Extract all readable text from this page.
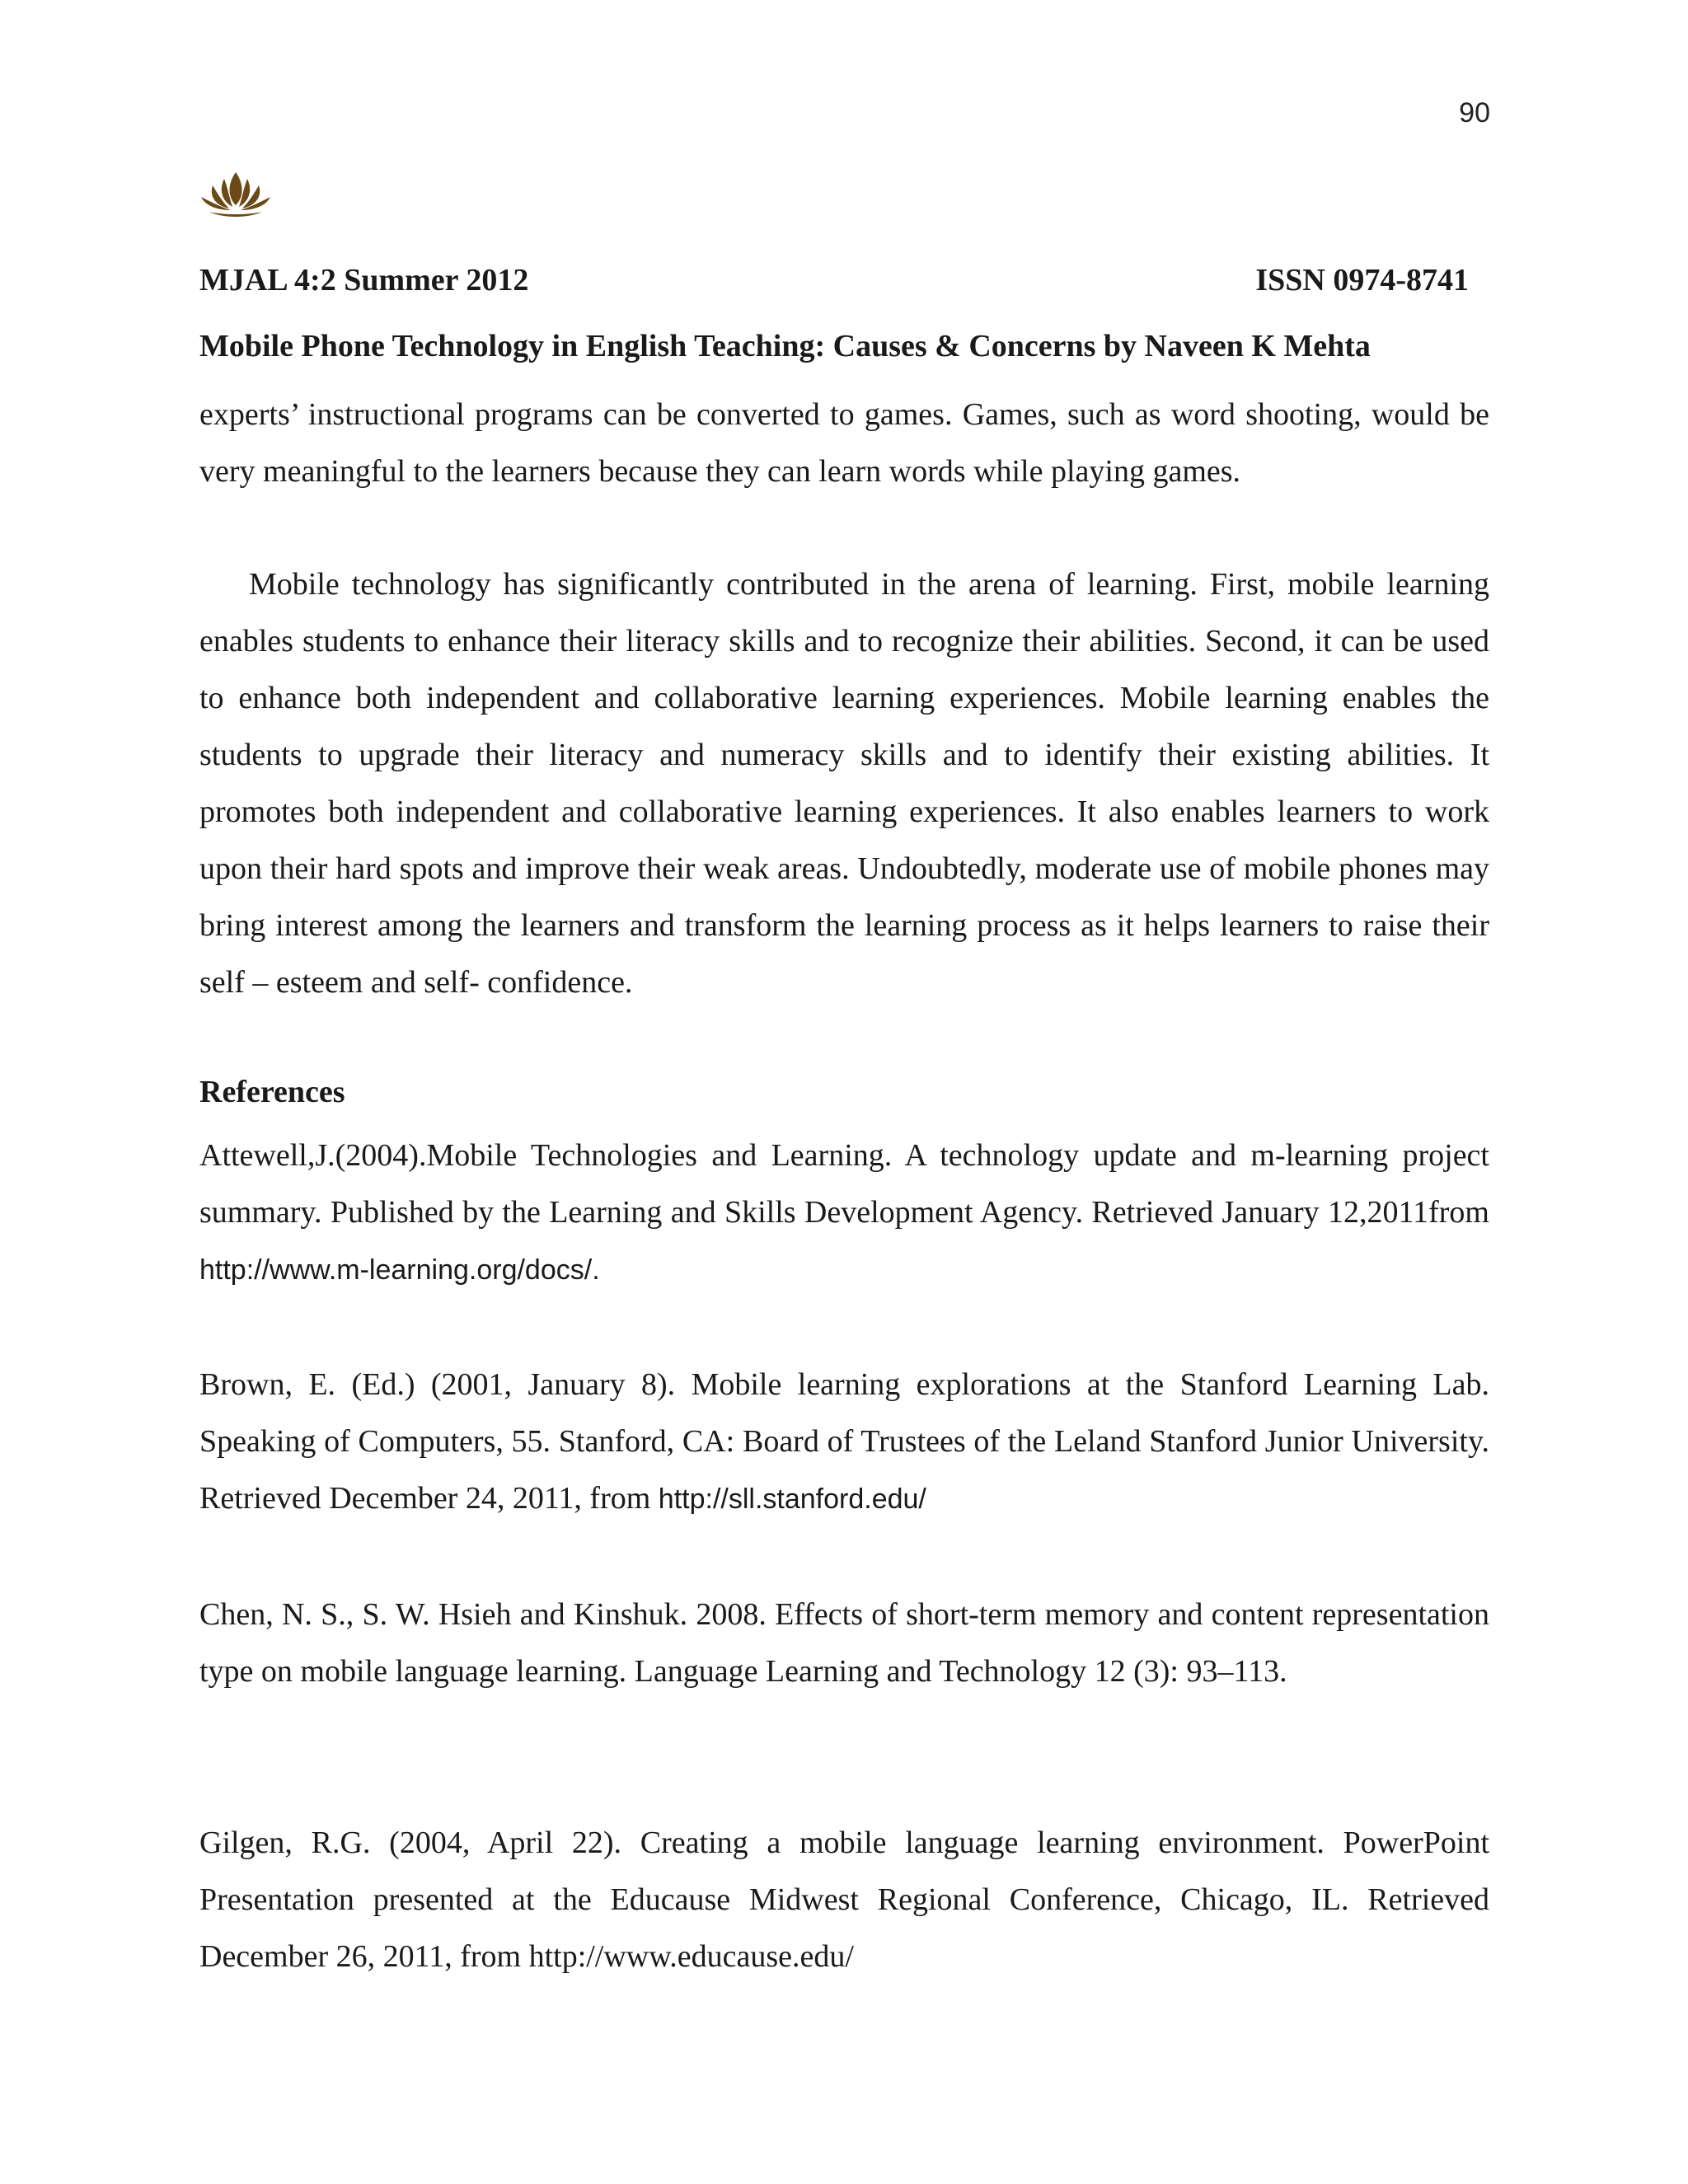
90
MJAL 4:2 Summer 2012	ISSN 0974-8741
Mobile Phone Technology in English Teaching: Causes & Concerns by Naveen K Mehta

experts’ instructional programs can be converted to games. Games, such as word shooting, would be very meaningful to the learners because they can learn words while playing games.

Mobile technology has significantly contributed in the arena of learning. First, mobile learning enables students to enhance their literacy skills and to recognize their abilities. Second, it can be used to enhance both independent and collaborative learning experiences. Mobile learning enables the students to upgrade their literacy and numeracy skills and to identify their existing abilities. It promotes both independent and collaborative learning experiences. It also enables learners to work upon their hard spots and improve their weak areas. Undoubtedly, moderate use of mobile phones may bring interest among the learners and transform the learning process as it helps learners to raise their self – esteem and self- confidence.

References

Attewell,J.(2004).Mobile Technologies and Learning. A technology update and m-learning project summary. Published by the Learning and Skills Development Agency. Retrieved January 12,2011from http://www.m-learning.org/docs/.

Brown, E. (Ed.) (2001, January 8). Mobile learning explorations at the Stanford Learning Lab. Speaking of Computers, 55. Stanford, CA: Board of Trustees of the Leland Stanford Junior University. Retrieved December 24, 2011, from http://sll.stanford.edu/

Chen, N. S., S. W. Hsieh and Kinshuk. 2008. Effects of short-term memory and content representation type on mobile language learning. Language Learning and Technology 12 (3): 93–113.

Gilgen, R.G. (2004, April 22). Creating a mobile language learning environment. PowerPoint Presentation presented at the Educause Midwest Regional Conference, Chicago, IL. Retrieved December 26, 2011, from http://www.educause.edu/
